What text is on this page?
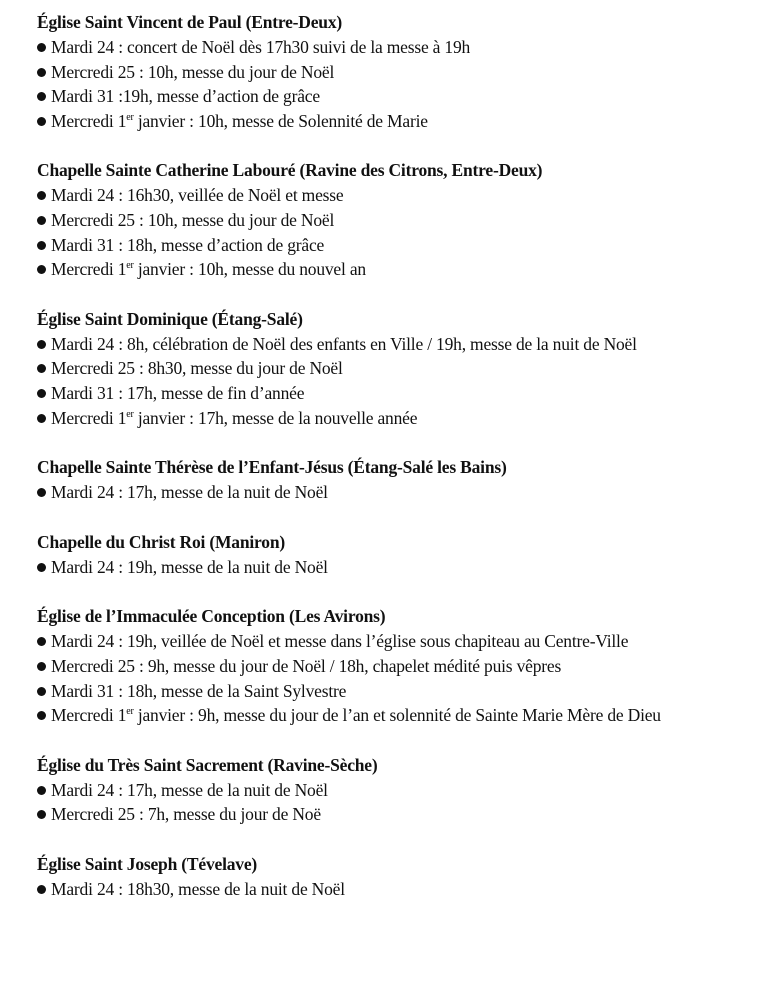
Église Saint Vincent de Paul (Entre-Deux)
Mardi 24 : concert de Noël dès 17h30 suivi de la messe à 19h
Mercredi 25 : 10h, messe du jour de Noël
Mardi 31 :19h, messe d’action de grâce
Mercredi 1er janvier : 10h, messe de Solennité de Marie
Chapelle Sainte Catherine Labouré (Ravine des Citrons, Entre-Deux)
Mardi 24 : 16h30, veillée de Noël et messe
Mercredi 25 : 10h, messe du jour de Noël
Mardi 31 : 18h, messe d’action de grâce
Mercredi 1er janvier : 10h, messe du nouvel an
Église Saint Dominique (Étang-Salé)
Mardi 24 : 8h, célébration de Noël des enfants en Ville / 19h, messe de la nuit de Noël
Mercredi 25 : 8h30, messe du jour de Noël
Mardi 31 : 17h, messe de fin d’année
Mercredi 1er janvier : 17h, messe de la nouvelle année
Chapelle Sainte Thérèse de l’Enfant-Jésus (Étang-Salé les Bains)
Mardi 24 : 17h, messe de la nuit de Noël
Chapelle du Christ Roi (Maniron)
Mardi 24 : 19h, messe de la nuit de Noël
Église de l’Immaculée Conception (Les Avirons)
Mardi 24 : 19h, veillée de Noël et messe dans l’église sous chapiteau au Centre-Ville
Mercredi 25 : 9h, messe du jour de Noël / 18h, chapelet médité puis vêpres
Mardi 31 : 18h, messe de la Saint Sylvestre
Mercredi 1er janvier : 9h, messe du jour de l’an et solennité de Sainte Marie Mère de Dieu
Église du Très Saint Sacrement (Ravine-Sèche)
Mardi 24 : 17h, messe de la nuit de Noël
Mercredi 25 : 7h, messe du jour de Noë
Église Saint Joseph (Tévelave)
Mardi 24 : 18h30, messe de la nuit de Noël
